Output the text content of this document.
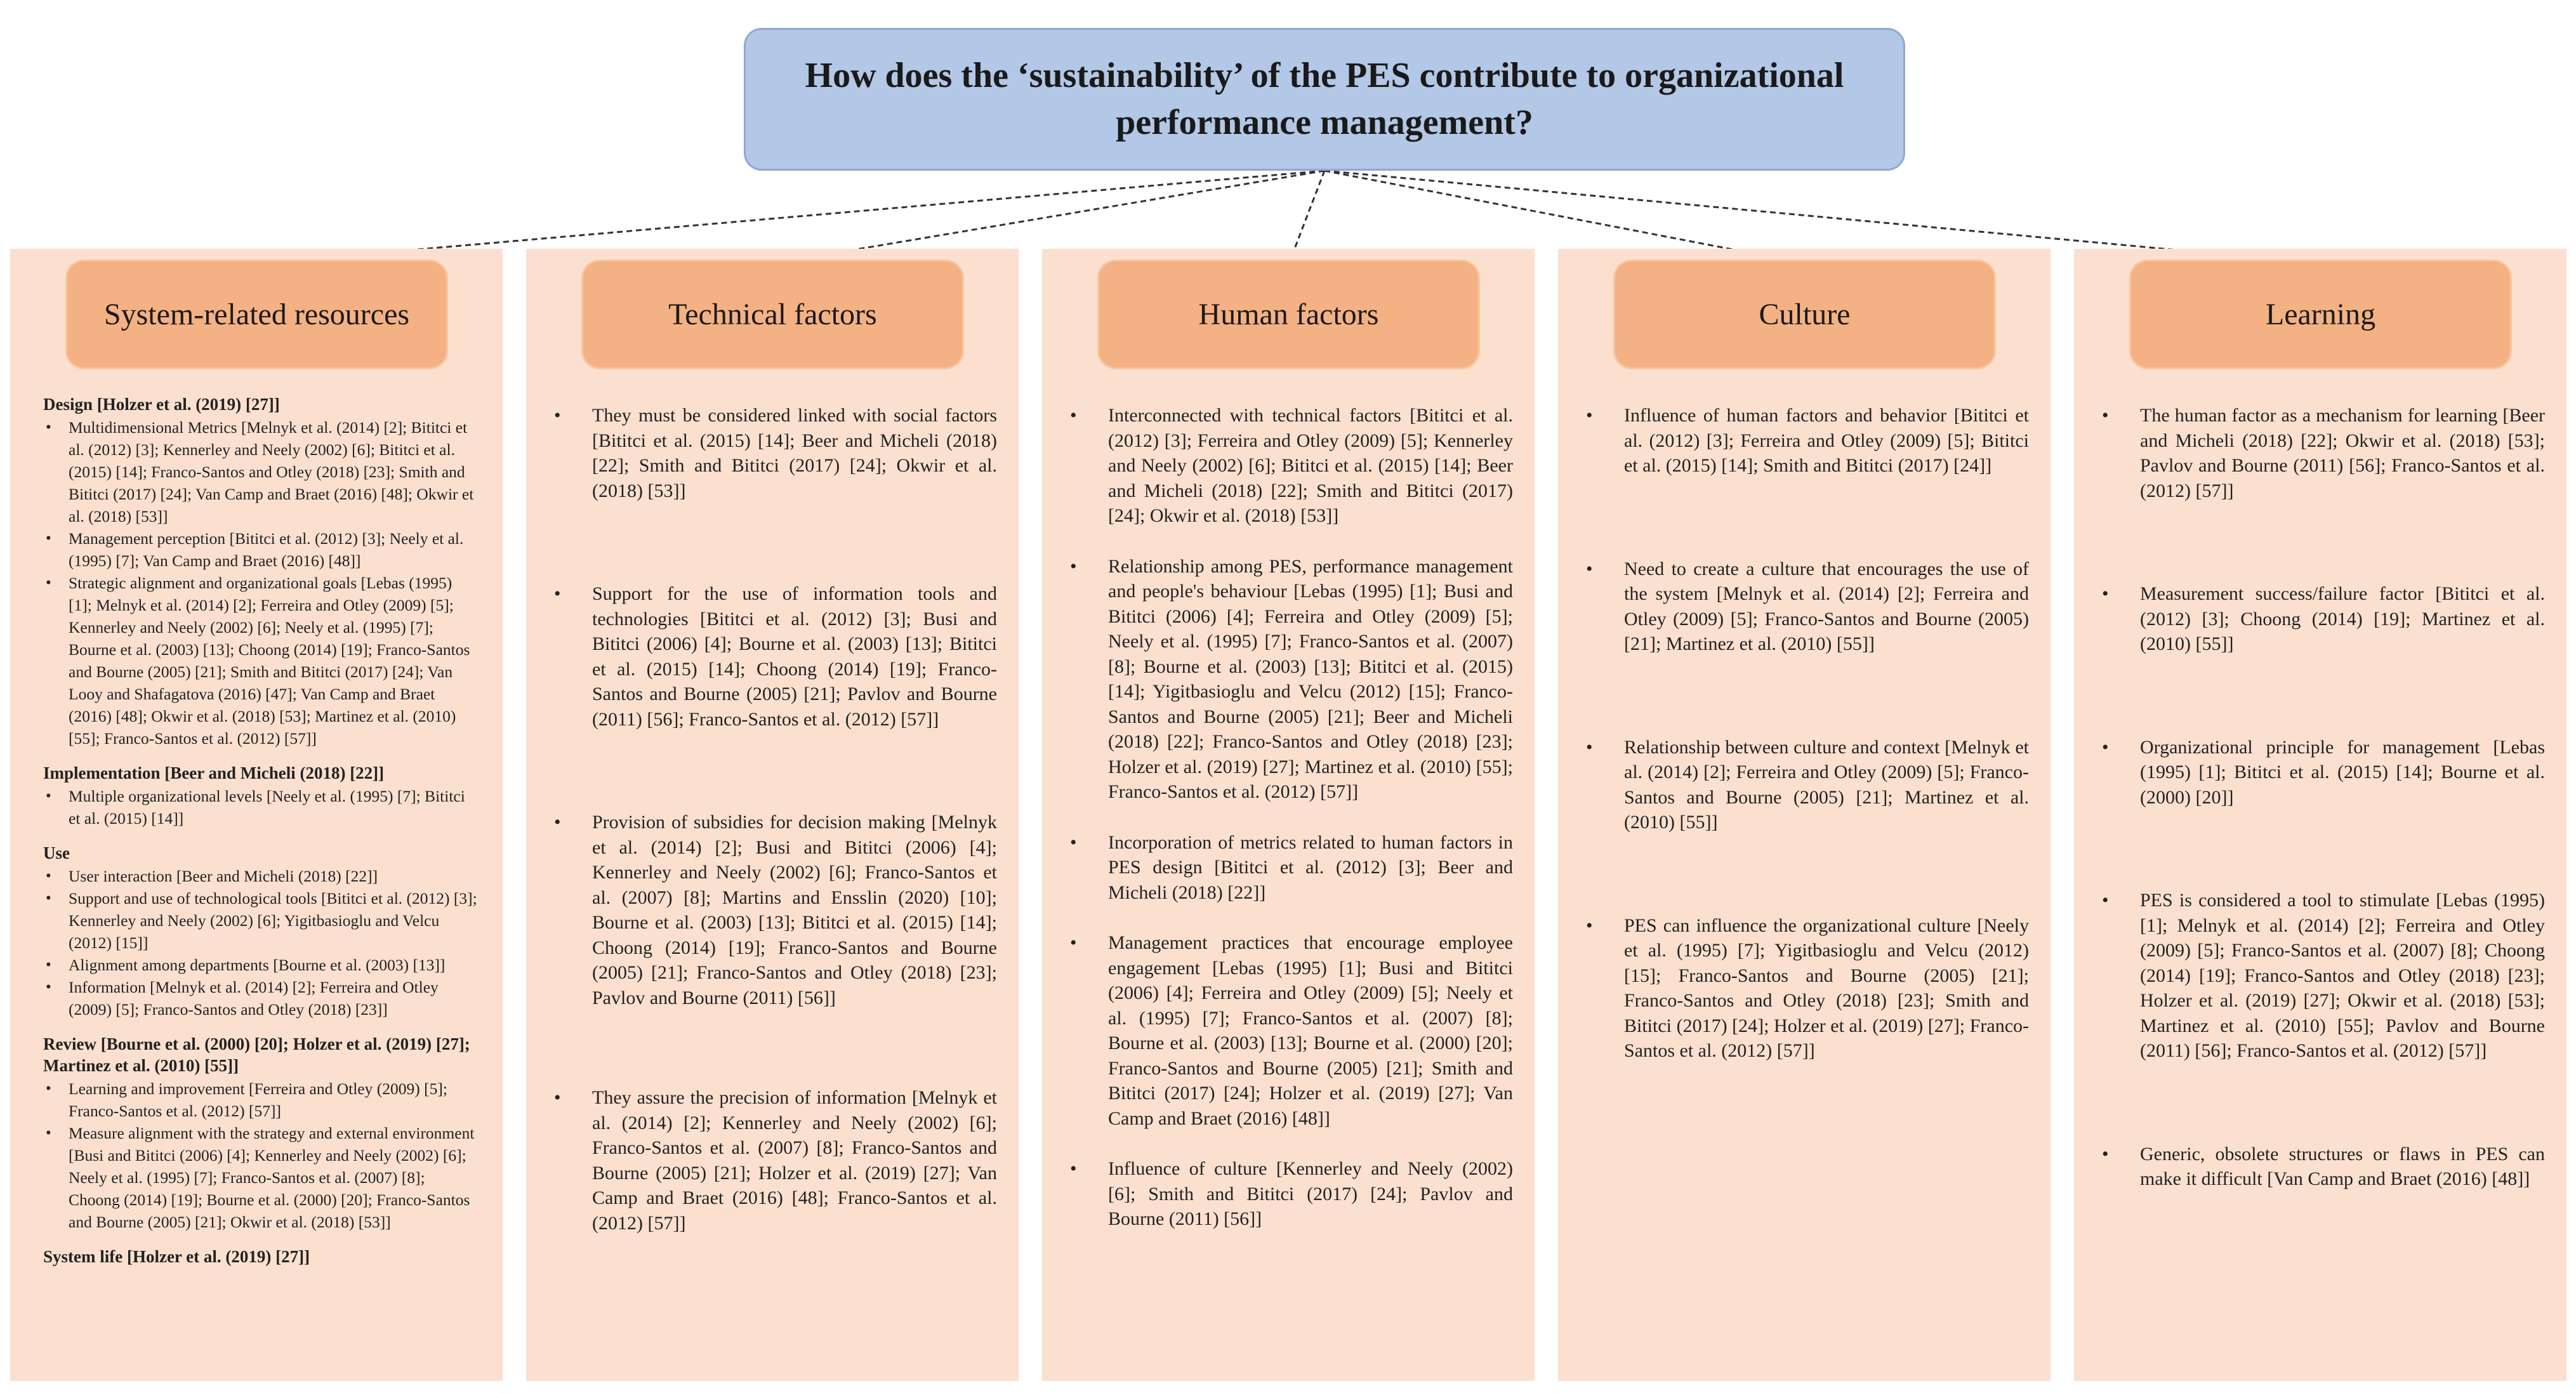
How does the ‘sustainability’ of the PES contribute to organizational performance management?
System-related resources
Design [Holzer et al. (2019) [27]]
• Multidimensional Metrics [Melnyk et al. (2014) [2]; Bititci et al. (2012) [3]; Kennerley and Neely (2002) [6]; Bititci et al. (2015) [14]; Franco-Santos and Otley (2018) [23]; Smith and Bititci (2017) [24]; Van Camp and Braet (2016) [48]; Okwir et al. (2018) [53]]
• Management perception [Bititci et al. (2012) [3]; Neely et al. (1995) [7]; Van Camp and Braet (2016) [48]]
• Strategic alignment and organizational goals [Lebas (1995) [1]; Melnyk et al. (2014) [2]; Ferreira and Otley (2009) [5]; Kennerley and Neely (2002) [6]; Neely et al. (1995) [7]; Bourne et al. (2003) [13]; Choong (2014) [19]; Franco-Santos and Bourne (2005) [21]; Smith and Bititci (2017) [24]; Van Looy and Shafagatova (2016) [47]; Van Camp and Braet (2016) [48]; Okwir et al. (2018) [53]; Martinez et al. (2010) [55]; Franco-Santos et al. (2012) [57]]
Implementation [Beer and Micheli (2018) [22]]
• Multiple organizational levels [Neely et al. (1995) [7]; Bititci et al. (2015) [14]]
Use
• User interaction [Beer and Micheli (2018) [22]]
• Support and use of technological tools [Bititci et al. (2012) [3]; Kennerley and Neely (2002) [6]; Yigitbasioglu and Velcu (2012) [15]]
• Alignment among departments [Bourne et al. (2003) [13]]
• Information [Melnyk et al. (2014) [2]; Ferreira and Otley (2009) [5]; Franco-Santos and Otley (2018) [23]]
Review [Bourne et al. (2000) [20]; Holzer et al. (2019) [27]; Martinez et al. (2010) [55]]
• Learning and improvement [Ferreira and Otley (2009) [5]; Franco-Santos et al. (2012) [57]]
• Measure alignment with the strategy and external environment [Busi and Bititci (2006) [4]; Kennerley and Neely (2002) [6]; Neely et al. (1995) [7]; Franco-Santos et al. (2007) [8]; Choong (2014) [19]; Bourne et al. (2000) [20]; Franco-Santos and Bourne (2005) [21]; Okwir et al. (2018) [53]]
System life [Holzer et al. (2019) [27]]
Technical factors
• They must be considered linked with social factors [Bititci et al. (2015) [14]; Beer and Micheli (2018) [22]; Smith and Bititci (2017) [24]; Okwir et al. (2018) [53]]
• Support for the use of information tools and technologies [Bititci et al. (2012) [3]; Busi and Bititci (2006) [4]; Bourne et al. (2003) [13]; Bititci et al. (2015) [14]; Choong (2014) [19]; Franco-Santos and Bourne (2005) [21]; Pavlov and Bourne (2011) [56]; Franco-Santos et al. (2012) [57]]
• Provision of subsidies for decision making [Melnyk et al. (2014) [2]; Busi and Bititci (2006) [4]; Kennerley and Neely (2002) [6]; Franco-Santos et al. (2007) [8]; Martins and Ensslin (2020) [10]; Bourne et al. (2003) [13]; Bititci et al. (2015) [14]; Choong (2014) [19]; Franco-Santos and Bourne (2005) [21]; Franco-Santos and Otley (2018) [23]; Pavlov and Bourne (2011) [56]]
• They assure the precision of information [Melnyk et al. (2014) [2]; Kennerley and Neely (2002) [6]; Franco-Santos et al. (2007) [8]; Franco-Santos and Bourne (2005) [21]; Holzer et al. (2019) [27]; Van Camp and Braet (2016) [48]; Franco-Santos et al. (2012) [57]]
Human factors
• Interconnected with technical factors [Bititci et al. (2012) [3]; Ferreira and Otley (2009) [5]; Kennerley and Neely (2002) [6]; Bititci et al. (2015) [14]; Beer and Micheli (2018) [22]; Smith and Bititci (2017) [24]; Okwir et al. (2018) [53]]
• Relationship among PES, performance management and people's behaviour [Lebas (1995) [1]; Busi and Bititci (2006) [4]; Ferreira and Otley (2009) [5]; Neely et al. (1995) [7]; Franco-Santos et al. (2007) [8]; Bourne et al. (2003) [13]; Bititci et al. (2015) [14]; Yigitbasioglu and Velcu (2012) [15]; Franco-Santos and Bourne (2005) [21]; Beer and Micheli (2018) [22]; Franco-Santos and Otley (2018) [23]; Holzer et al. (2019) [27]; Martinez et al. (2010) [55]; Franco-Santos et al. (2012) [57]]
• Incorporation of metrics related to human factors in PES design [Bititci et al. (2012) [3]; Beer and Micheli (2018) [22]]
• Management practices that encourage employee engagement [Lebas (1995) [1]; Busi and Bititci (2006) [4]; Ferreira and Otley (2009) [5]; Neely et al. (1995) [7]; Franco-Santos et al. (2007) [8]; Bourne et al. (2003) [13]; Bourne et al. (2000) [20]; Franco-Santos and Bourne (2005) [21]; Smith and Bititci (2017) [24]; Holzer et al. (2019) [27]; Van Camp and Braet (2016) [48]]
• Influence of culture [Kennerley and Neely (2002) [6]; Smith and Bititci (2017) [24]; Pavlov and Bourne (2011) [56]]
Culture
• Influence of human factors and behavior [Bititci et al. (2012) [3]; Ferreira and Otley (2009) [5]; Bititci et al. (2015) [14]; Smith and Bititci (2017) [24]]
• Need to create a culture that encourages the use of the system [Melnyk et al. (2014) [2]; Ferreira and Otley (2009) [5]; Franco-Santos and Bourne (2005) [21]; Martinez et al. (2010) [55]]
• Relationship between culture and context [Melnyk et al. (2014) [2]; Ferreira and Otley (2009) [5]; Franco-Santos and Bourne (2005) [21]; Martinez et al. (2010) [55]]
• PES can influence the organizational culture [Neely et al. (1995) [7]; Yigitbasioglu and Velcu (2012) [15]; Franco-Santos and Bourne (2005) [21]; Franco-Santos and Otley (2018) [23]; Smith and Bititci (2017) [24]; Holzer et al. (2019) [27]; Franco-Santos et al. (2012) [57]]
Learning
• The human factor as a mechanism for learning [Beer and Micheli (2018) [22]; Okwir et al. (2018) [53]; Pavlov and Bourne (2011) [56]; Franco-Santos et al. (2012) [57]]
• Measurement success/failure factor [Bititci et al. (2012) [3]; Choong (2014) [19]; Martinez et al. (2010) [55]]
• Organizational principle for management [Lebas (1995) [1]; Bititci et al. (2015) [14]; Bourne et al. (2000) [20]]
• PES is considered a tool to stimulate [Lebas (1995) [1]; Melnyk et al. (2014) [2]; Ferreira and Otley (2009) [5]; Franco-Santos et al. (2007) [8]; Choong (2014) [19]; Franco-Santos and Otley (2018) [23]; Holzer et al. (2019) [27]; Okwir et al. (2018) [53]; Martinez et al. (2010) [55]; Pavlov and Bourne (2011) [56]; Franco-Santos et al. (2012) [57]]
• Generic, obsolete structures or flaws in PES can make it difficult [Van Camp and Braet (2016) [48]]
